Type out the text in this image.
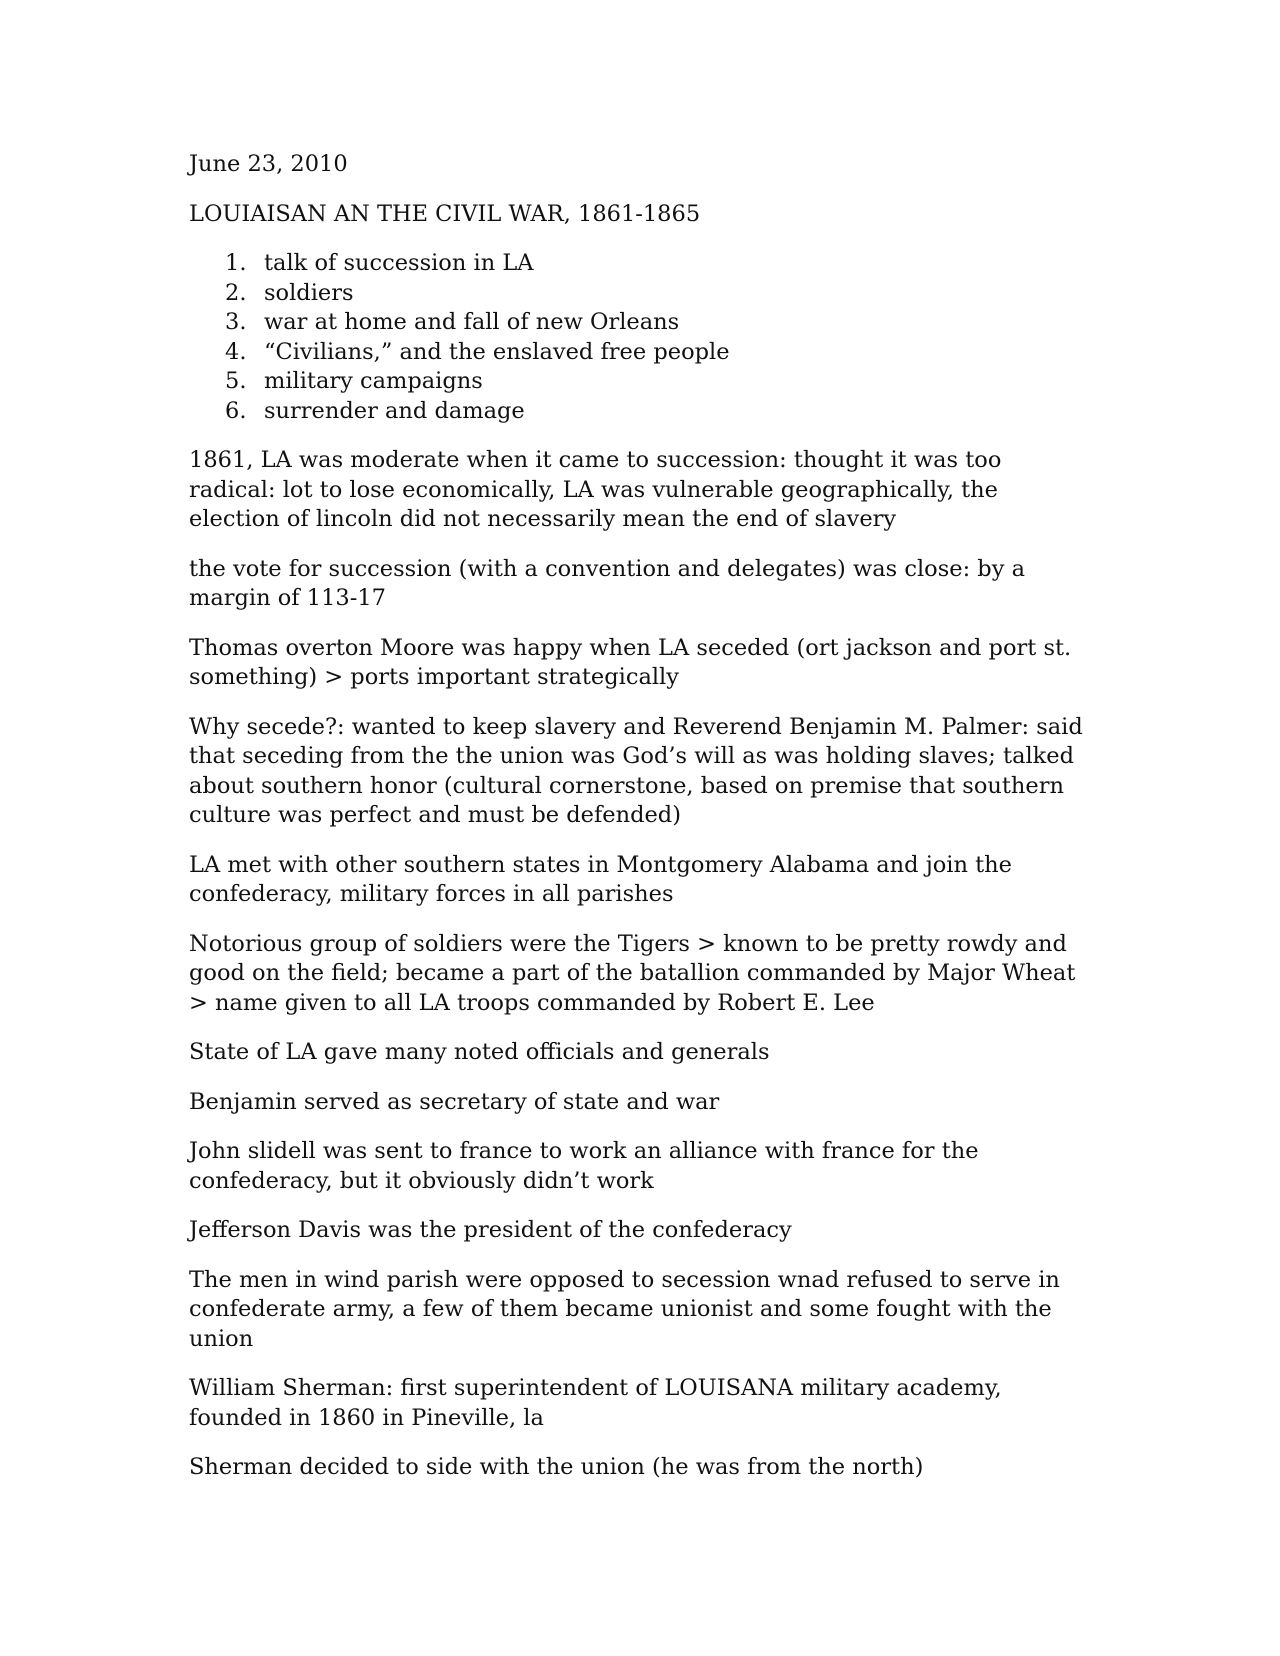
June 23, 2010

LOUIAISAN AN THE CIVIL WAR, 1861-1865

1. talk of succession in LA
2. soldiers
3. war at home and fall of new Orleans
4. “Civilians,” and the enslaved free people
5. military campaigns
6. surrender and damage

1861, LA was moderate when it came to succession: thought it was too radical: lot to lose economically, LA was vulnerable geographically, the election of lincoln did not necessarily mean the end of slavery

the vote for succession (with a convention and delegates) was close: by a margin of 113-17

Thomas overton Moore was happy when LA seceded (ort jackson and port st. something) > ports important strategically

Why secede?: wanted to keep slavery and Reverend Benjamin M. Palmer: said that seceding from the the union was God’s will as was holding slaves; talked about southern honor (cultural cornerstone, based on premise that southern culture was perfect and must be defended)

LA met with other southern states in Montgomery Alabama and join the confederacy, military forces in all parishes

Notorious group of soldiers were the Tigers > known to be pretty rowdy and good on the field; became a part of the batallion commanded by Major Wheat > name given to all LA troops commanded by Robert E. Lee

State of LA gave many noted officials and generals

Benjamin served as secretary of state and war

John slidell was sent to france to work an alliance with france for the confederacy, but it obviously didn’t work

Jefferson Davis was the president of the confederacy

The men in wind parish were opposed to secession wnad refused to serve in confederate army, a few of them became unionist and some fought with the union

William Sherman: first superintendent of LOUISANA military academy, founded in 1860 in Pineville, la

Sherman decided to side with the union (he was from the north)
